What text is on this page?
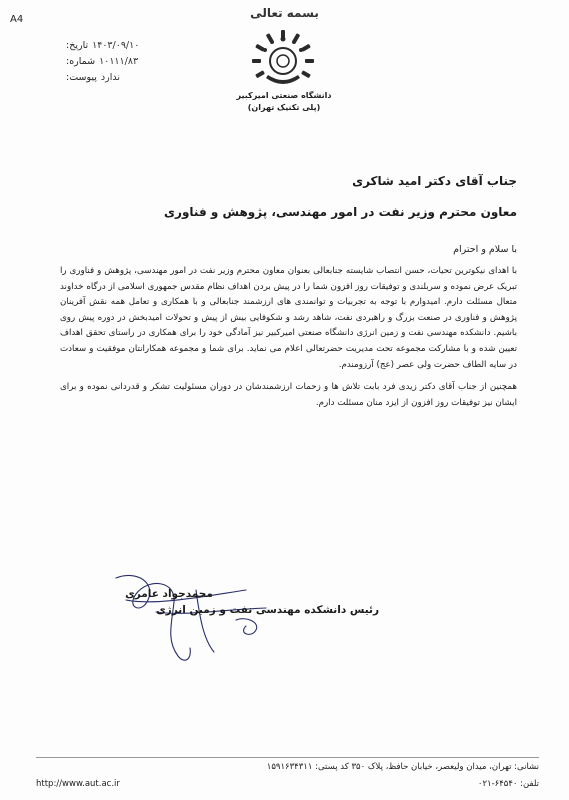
A4	بسمه تعالی
دانشگاه صنعتی امیرکبیر
(پلی تکنیک تهران)
تاریخ: ۱۴۰۳/۰۹/۱۰
شماره: ۱۰۱۱۱/۸۳
پیوست: ندارد
جناب آقای دکتر امید شاکری
معاون محترم وزیر نفت در امور مهندسی، پژوهش و فناوری
با سلام و احترام

با اهدای نیکوترین تحیات، حسن انتصاب شایسته جنابعالی بعنوان معاون محترم وزیر نفت در امور مهندسی، پژوهش و فناوری را تبریک عرض نموده و سربلندی و توفیقات روز افزون شما را در پیش بردن اهداف نظام مقدس جمهوری اسلامی از درگاه خداوند متعال مسئلت دارم. امیدوارم با توجه به تجربیات و توانمندی های ارزشمند جنابعالی و با همکاری و تعامل همه نقش آفرینان پژوهش و فناوری در صنعت بزرگ و راهبردی نفت، شاهد رشد و شکوفایی بیش از پیش و تحولات امیدبخش در دوره پیش روی باشیم. دانشکده مهندسی نفت و زمین انرژی دانشگاه صنعتی امیرکبیر نیز آمادگی خود را برای همکاری در راستای تحقق اهداف تعیین شده و با مشارکت مجموعه تحت مدیریت حضرتعالی اعلام می نماید. برای شما و مجموعه همکارانتان موفقیت و سعادت در سایه الطاف حضرت ولی عصر (عج) آرزومندم.

همچنین از جناب آقای دکتر زیدی فرد بابت تلاش ها و زحمات ارزشمندشان در دوران مسئولیت تشکر و قدردانی نموده و برای ایشان نیز توفیقات روز افزون از ایزد منان مسئلت دارم.

محمدجواد عامری
رئیس دانشکده مهندسی نفت و زمین انرژی
نشانی: تهران، میدان ولیعصر، خیابان حافظ، پلاک ۳۵۰ کد پستی: ۱۵۹۱۶۳۴۳۱۱
http://www.aut.ac.ir	تلفن: ۶۴۵۴۰-۰۲۱
